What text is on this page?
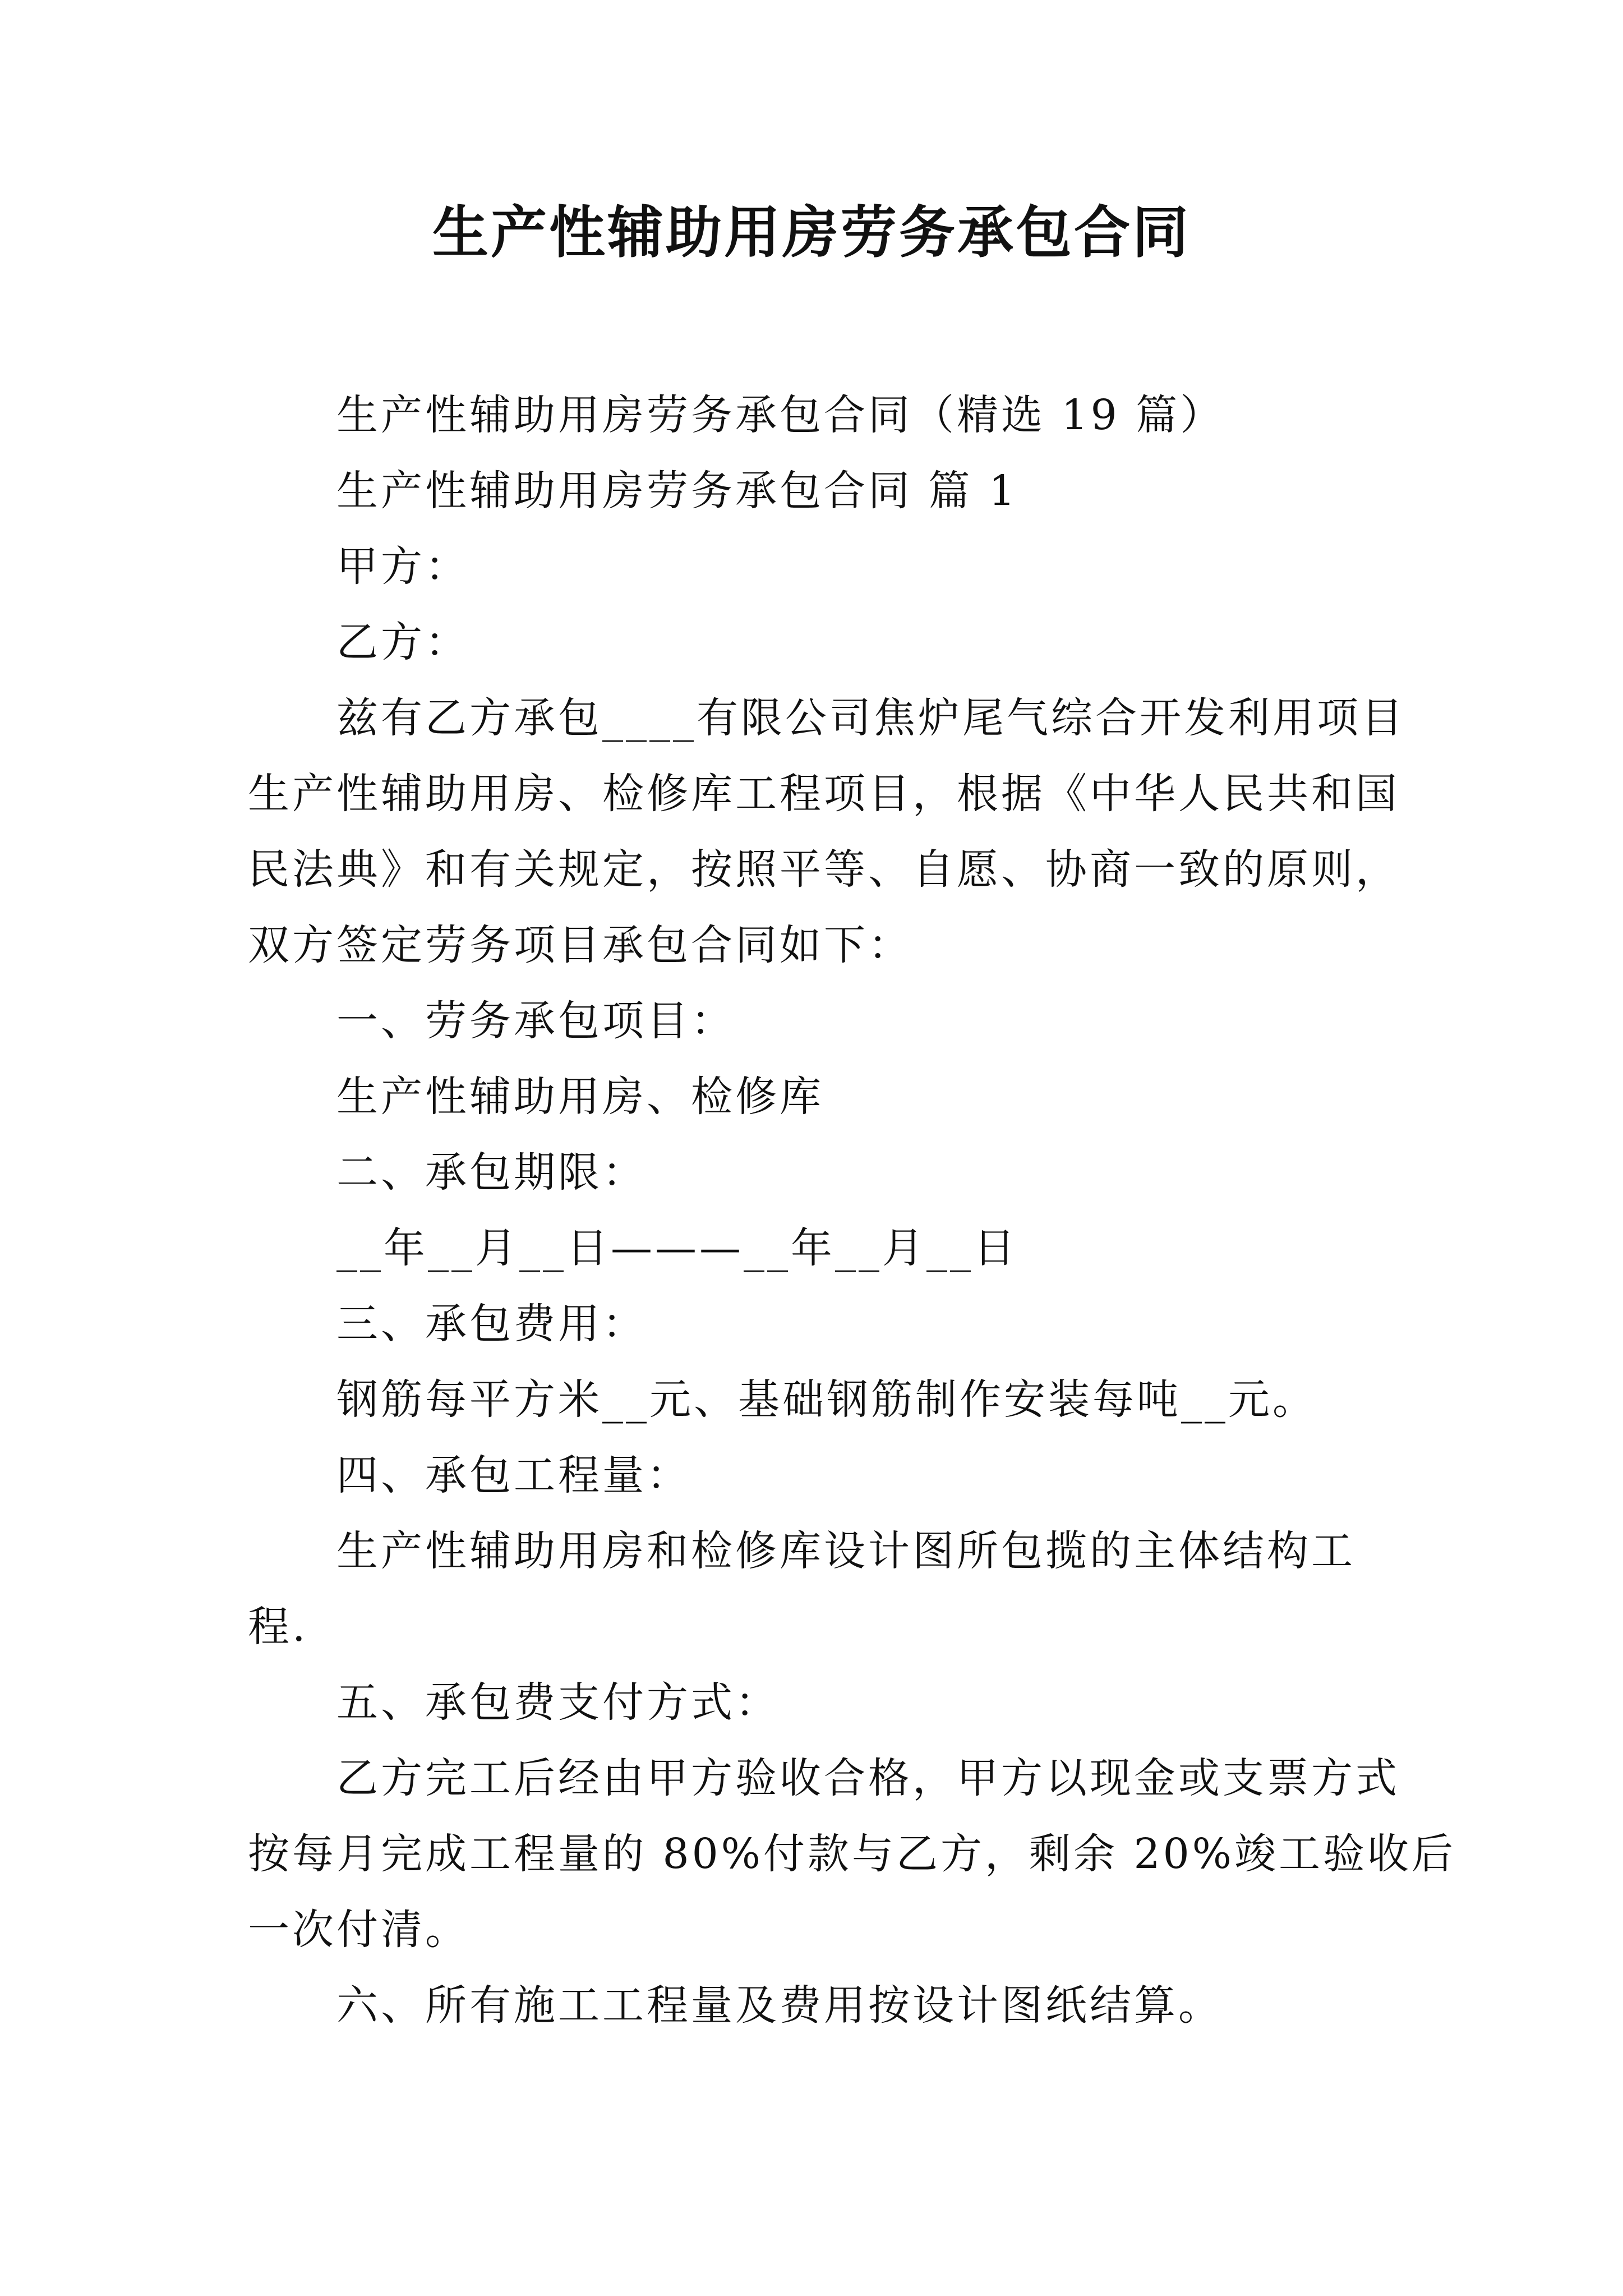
生产性辅助用房劳务承包合同
生产性辅助用房劳务承包合同（精选 19 篇）
生产性辅助用房劳务承包合同 篇 1
甲方：
乙方：
兹有乙方承包____有限公司焦炉尾气综合开发利用项目
生产性辅助用房、检修库工程项目，根据《中华人民共和国
民法典》和有关规定，按照平等、自愿、协商一致的原则，
双方签定劳务项目承包合同如下：
一、劳务承包项目：
生产性辅助用房、检修库
二、承包期限：
__年__月__日———__年__月__日
三、承包费用：
钢筋每平方米__元、基础钢筋制作安装每吨__元。
四、承包工程量：
生产性辅助用房和检修库设计图所包揽的主体结构工
程.
五、承包费支付方式：
乙方完工后经由甲方验收合格，甲方以现金或支票方式
按每月完成工程量的 80%付款与乙方，剩余 20%竣工验收后
一次付清。
六、所有施工工程量及费用按设计图纸结算。
